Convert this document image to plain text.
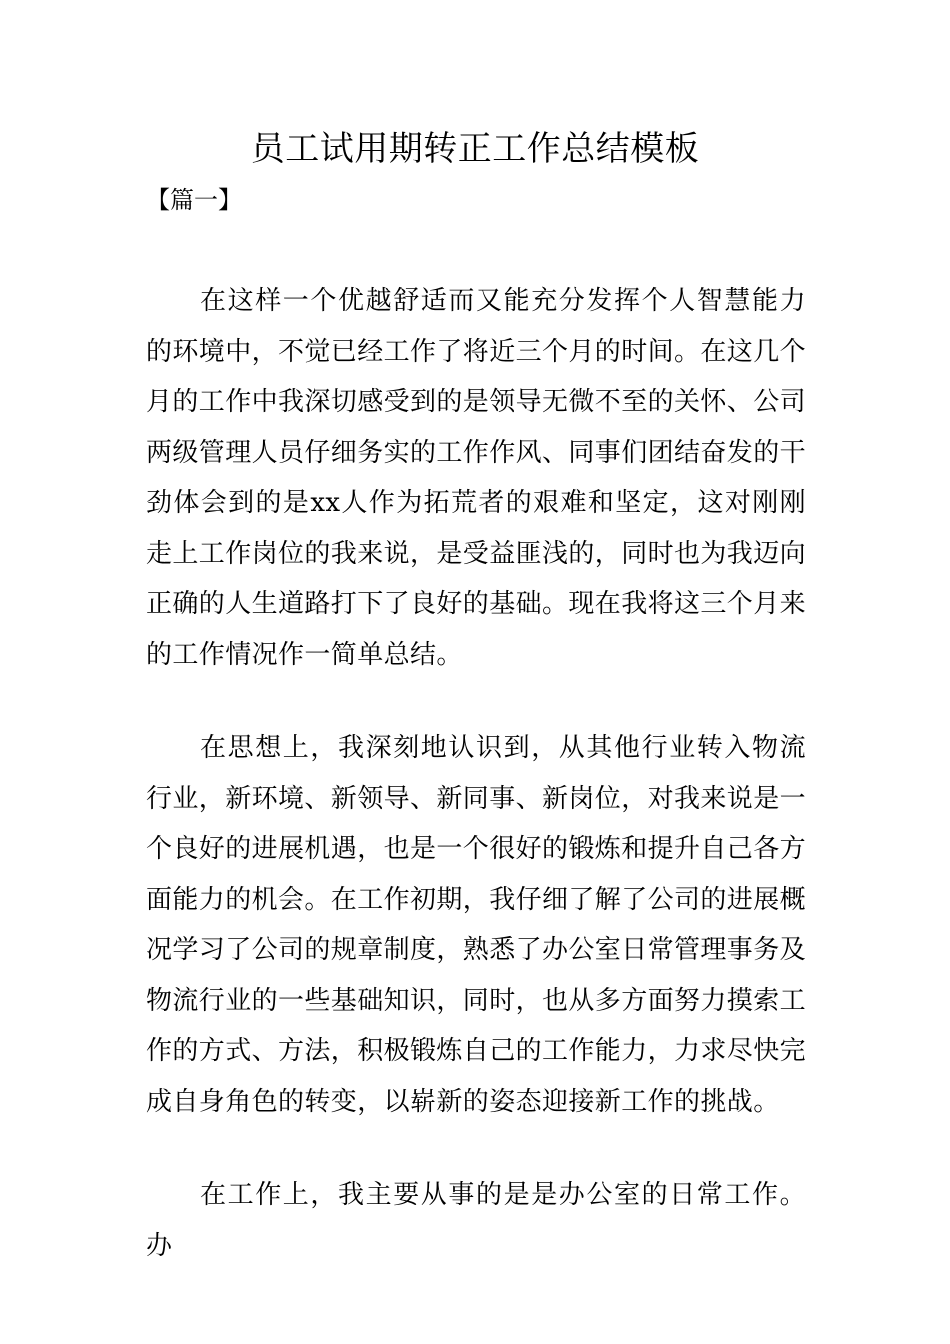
员工试用期转正工作总结模板

【篇一】

在这样一个优越舒适而又能充分发挥个人智慧能力的环境中，不觉已经工作了将近三个月的时间。在这几个月的工作中我深切感受到的是领导无微不至的关怀、公司两级管理人员仔细务实的工作作风、同事们团结奋发的干劲体会到的是xx人作为拓荒者的艰难和坚定，这对刚刚走上工作岗位的我来说，是受益匪浅的，同时也为我迈向正确的人生道路打下了良好的基础。现在我将这三个月来的工作情况作一简单总结。

在思想上，我深刻地认识到，从其他行业转入物流行业，新环境、新领导、新同事、新岗位，对我来说是一个良好的进展机遇，也是一个很好的锻炼和提升自己各方面能力的机会。在工作初期，我仔细了解了公司的进展概况学习了公司的规章制度，熟悉了办公室日常管理事务及物流行业的一些基础知识，同时，也从多方面努力摸索工作的方式、方法，积极锻炼自己的工作能力，力求尽快完成自身角色的转变，以崭新的姿态迎接新工作的挑战。

在工作上，我主要从事的是是办公室的日常工作。办
